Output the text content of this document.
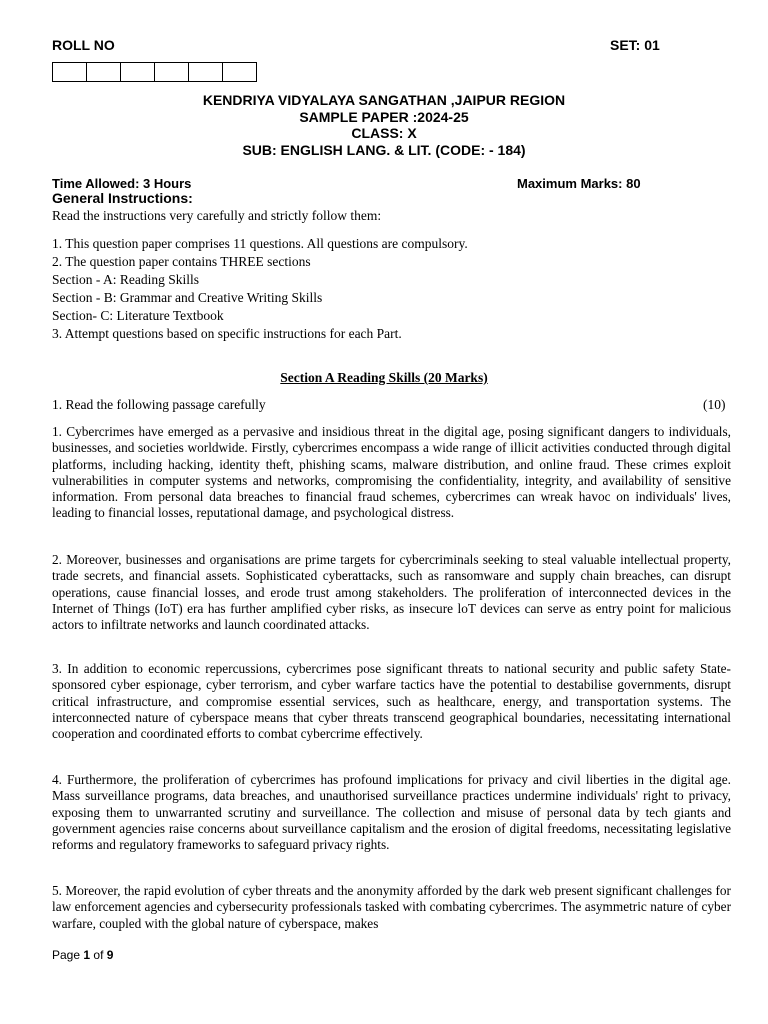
ROLL NO	SET: 01
KENDRIYA VIDYALAYA SANGATHAN ,JAIPUR REGION
SAMPLE PAPER :2024-25
CLASS: X
SUB: ENGLISH LANG. & LIT. (CODE: - 184)
Time Allowed: 3 Hours	Maximum Marks: 80
General Instructions:
Read the instructions very carefully and strictly follow them:
1. This question paper comprises 11 questions. All questions are compulsory.
2. The question paper contains THREE sections
Section - A: Reading Skills
Section - B: Grammar and Creative Writing Skills
Section- C: Literature Textbook
3. Attempt questions based on specific instructions for each Part.
Section A Reading Skills (20 Marks)
1. Read the following passage carefully	(10)

1. Cybercrimes have emerged as a pervasive and insidious threat in the digital age, posing significant dangers to individuals, businesses, and societies worldwide. Firstly, cybercrimes encompass a wide range of illicit activities conducted through digital platforms, including hacking, identity theft, phishing scams, malware distribution, and online fraud. These crimes exploit vulnerabilities in computer systems and networks, compromising the confidentiality, integrity, and availability of sensitive information. From personal data breaches to financial fraud schemes, cybercrimes can wreak havoc on individuals' lives, leading to financial losses, reputational damage, and psychological distress.

2. Moreover, businesses and organisations are prime targets for cybercriminals seeking to steal valuable intellectual property, trade secrets, and financial assets. Sophisticated cyberattacks, such as ransomware and supply chain breaches, can disrupt operations, cause financial losses, and erode trust among stakeholders. The proliferation of interconnected devices in the Internet of Things (IoT) era has further amplified cyber risks, as insecure loT devices can serve as entry point for malicious actors to infiltrate networks and launch coordinated attacks.

3. In addition to economic repercussions, cybercrimes pose significant threats to national security and public safety State-sponsored cyber espionage, cyber terrorism, and cyber warfare tactics have the potential to destabilise governments, disrupt critical infrastructure, and compromise essential services, such as healthcare, energy, and transportation systems. The interconnected nature of cyberspace means that cyber threats transcend geographical boundaries, necessitating international cooperation and coordinated efforts to combat cybercrime effectively.

4. Furthermore, the proliferation of cybercrimes has profound implications for privacy and civil liberties in the digital age. Mass surveillance programs, data breaches, and unauthorised surveillance practices undermine individuals' right to privacy, exposing them to unwarranted scrutiny and surveillance. The collection and misuse of personal data by tech giants and government agencies raise concerns about surveillance capitalism and the erosion of digital freedoms, necessitating legislative reforms and regulatory frameworks to safeguard privacy rights.

5. Moreover, the rapid evolution of cyber threats and the anonymity afforded by the dark web present significant challenges for law enforcement agencies and cybersecurity professionals tasked with combating cybercrimes. The asymmetric nature of cyber warfare, coupled with the global nature of cyberspace, makes

Page 1 of 9
